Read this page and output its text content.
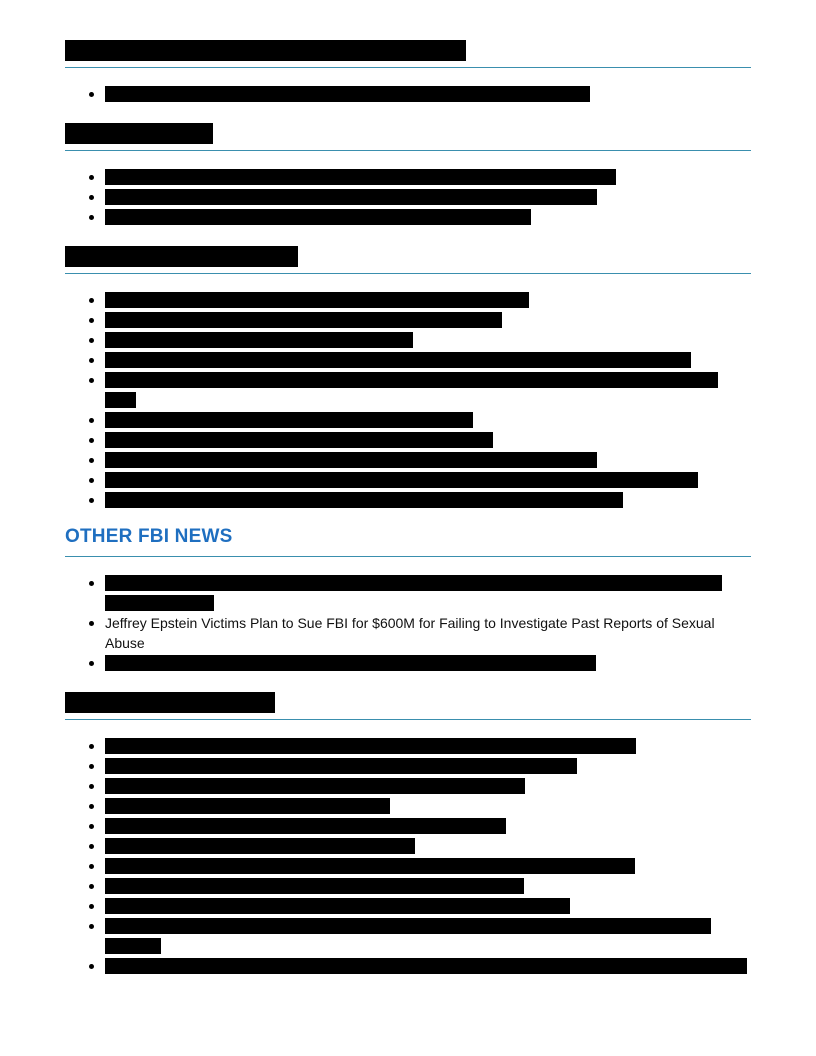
OTHER FBI NEWS

Jeffrey Epstein Victims Plan to Sue FBI for $600M for Failing to Investigate Past Reports of Sexual Abuse
